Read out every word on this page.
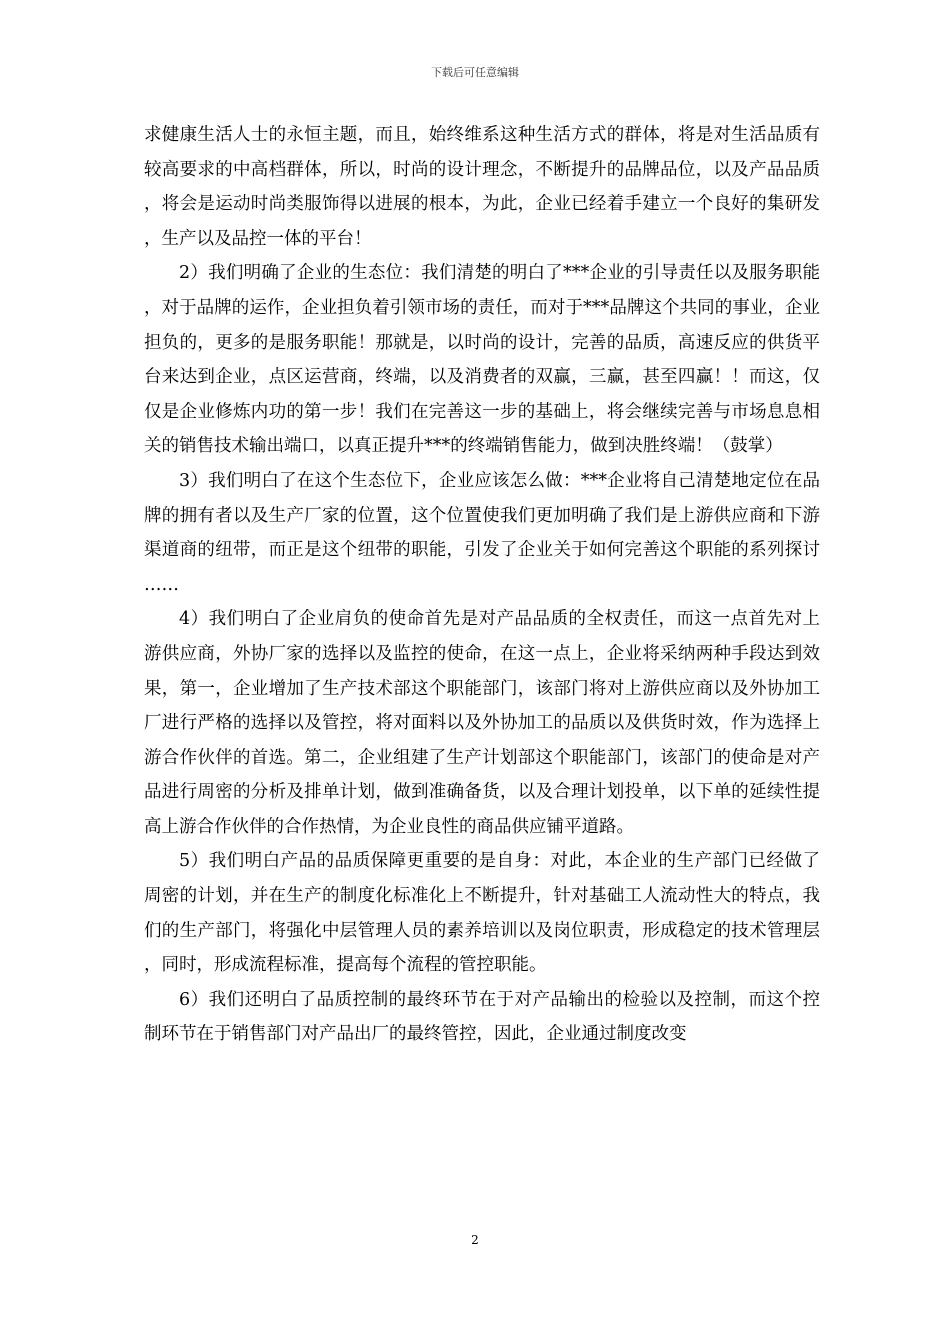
下载后可任意编辑

求健康生活人士的永恒主题，而且，始终维系这种生活方式的群体，将是对生活品质有较高要求的中高档群体，所以，时尚的设计理念，不断提升的品牌品位，以及产品品质，将会是运动时尚类服饰得以进展的根本，为此，企业已经着手建立一个良好的集研发，生产以及品控一体的平台！

2）我们明确了企业的生态位：我们清楚的明白了***企业的引导责任以及服务职能，对于品牌的运作，企业担负着引领市场的责任，而对于***品牌这个共同的事业，企业担负的，更多的是服务职能！那就是，以时尚的设计，完善的品质，高速反应的供货平台来达到企业，点区运营商，终端，以及消费者的双赢，三赢，甚至四赢！！而这，仅仅是企业修炼内功的第一步！我们在完善这一步的基础上，将会继续完善与市场息息相关的销售技术输出端口，以真正提升***的终端销售能力，做到决胜终端！（鼓掌）

3）我们明白了在这个生态位下，企业应该怎么做：***企业将自己清楚地定位在品牌的拥有者以及生产厂家的位置，这个位置使我们更加明确了我们是上游供应商和下游渠道商的纽带，而正是这个纽带的职能，引发了企业关于如何完善这个职能的系列探讨……

4）我们明白了企业肩负的使命首先是对产品品质的全权责任，而这一点首先对上游供应商，外协厂家的选择以及监控的使命，在这一点上，企业将采纳两种手段达到效果，第一，企业增加了生产技术部这个职能部门，该部门将对上游供应商以及外协加工厂进行严格的选择以及管控，将对面料以及外协加工的品质以及供货时效，作为选择上游合作伙伴的首选。第二，企业组建了生产计划部这个职能部门，该部门的使命是对产品进行周密的分析及排单计划，做到准确备货，以及合理计划投单，以下单的延续性提高上游合作伙伴的合作热情，为企业良性的商品供应铺平道路。

5）我们明白产品的品质保障更重要的是自身：对此，本企业的生产部门已经做了周密的计划，并在生产的制度化标准化上不断提升，针对基础工人流动性大的特点，我们的生产部门，将强化中层管理人员的素养培训以及岗位职责，形成稳定的技术管理层，同时，形成流程标准，提高每个流程的管控职能。

6）我们还明白了品质控制的最终环节在于对产品输出的检验以及控制，而这个控制环节在于销售部门对产品出厂的最终管控，因此，企业通过制度改变

2
